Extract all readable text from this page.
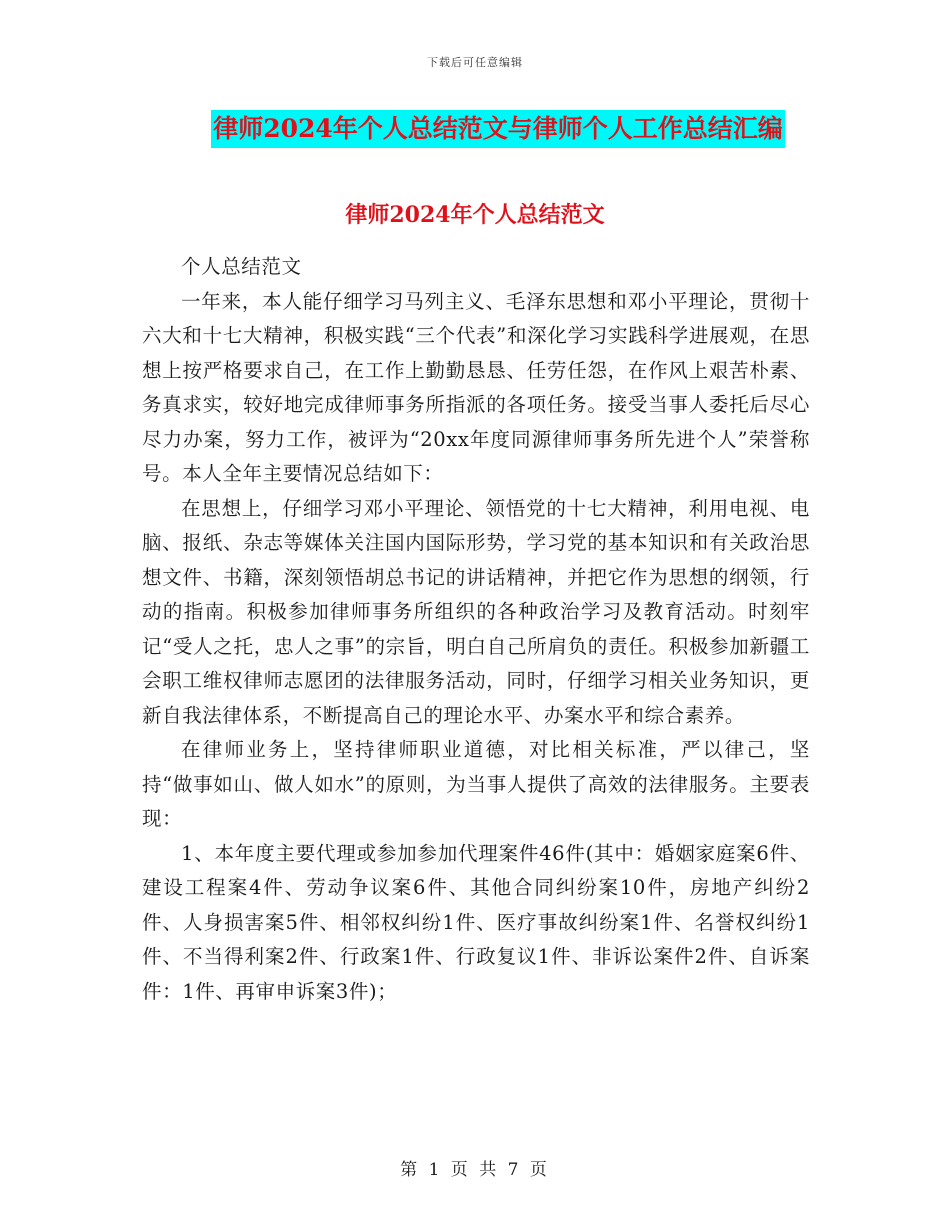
下载后可任意编辑
律师2024年个人总结范文与律师个人工作总结汇编
律师2024年个人总结范文

个人总结范文

一年来，本人能仔细学习马列主义、毛泽东思想和邓小平理论，贯彻十六大和十七大精神，积极实践“三个代表”和深化学习实践科学进展观，在思想上按严格要求自己，在工作上勤勤恳恳、任劳任怨，在作风上艰苦朴素、务真求实，较好地完成律师事务所指派的各项任务。接受当事人委托后尽心尽力办案，努力工作，被评为“20xx年度同源律师事务所先进个人”荣誉称号。本人全年主要情况总结如下：

在思想上，仔细学习邓小平理论、领悟党的十七大精神，利用电视、电脑、报纸、杂志等媒体关注国内国际形势，学习党的基本知识和有关政治思想文件、书籍，深刻领悟胡总书记的讲话精神，并把它作为思想的纲领，行动的指南。积极参加律师事务所组织的各种政治学习及教育活动。时刻牢记“受人之托，忠人之事”的宗旨，明白自己所肩负的责任。积极参加新疆工会职工维权律师志愿团的法律服务活动，同时，仔细学习相关业务知识，更新自我法律体系，不断提高自己的理论水平、办案水平和综合素养。

在律师业务上，坚持律师职业道德，对比相关标准，严以律己，坚持“做事如山、做人如水”的原则，为当事人提供了高效的法律服务。主要表现：

1、本年度主要代理或参加参加代理案件46件(其中：婚姻家庭案6件、建设工程案4件、劳动争议案6件、其他合同纠纷案10件，房地产纠纷2件、人身损害案5件、相邻权纠纷1件、医疗事故纠纷案1件、名誉权纠纷1件、不当得利案2件、行政案1件、行政复议1件、非诉讼案件2件、自诉案件：1件、再审申诉案3件)；

第 1 页 共 7 页
